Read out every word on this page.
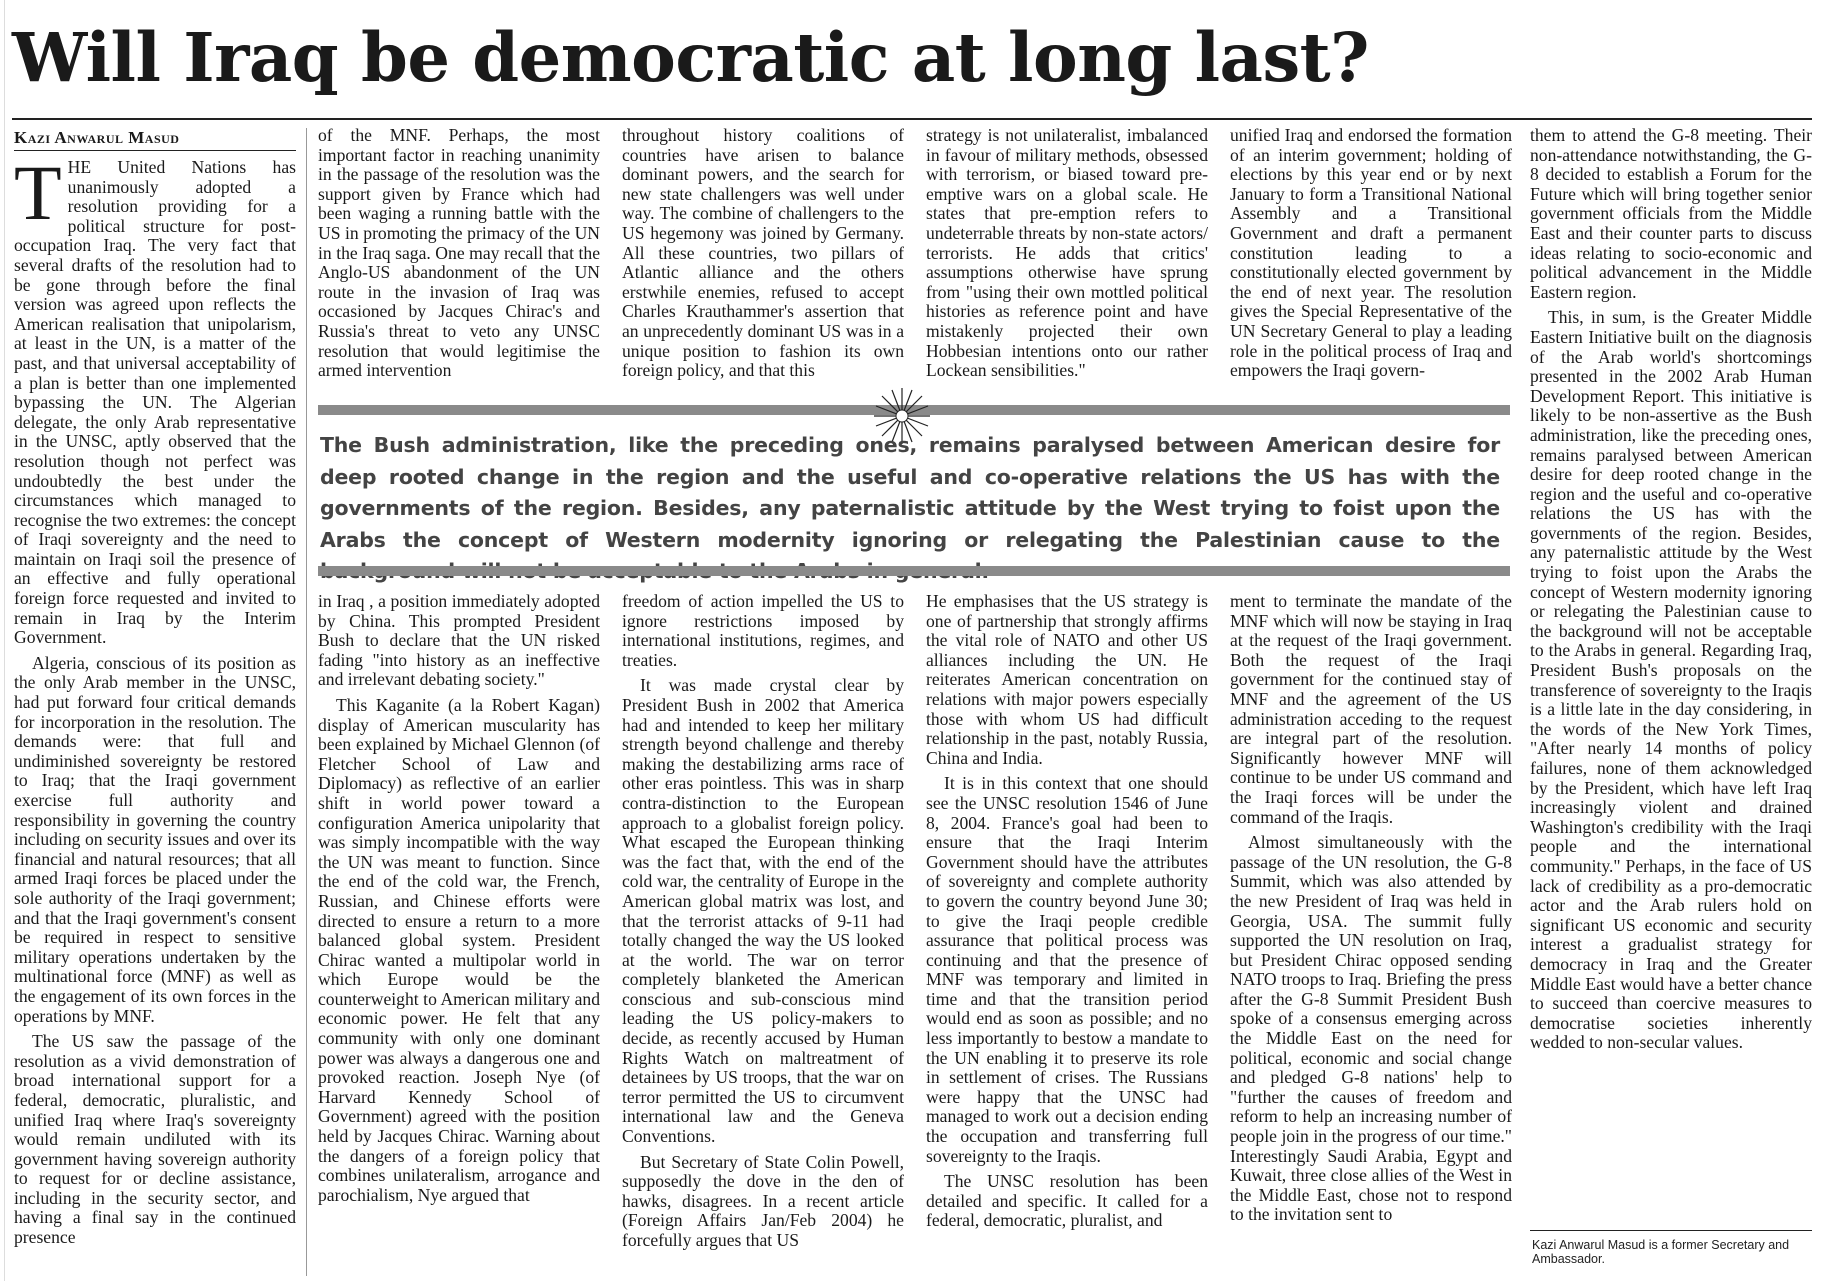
Will Iraq be democratic at long last?
Kazi Anwarul Masud

THE United Nations has unanimously adopted a resolution providing for a political structure for post-occupation Iraq. The very fact that several drafts of the resolution had to be gone through before the final version was agreed upon reflects the American realisation that unipolarism, at least in the UN, is a matter of the past, and that universal acceptability of a plan is better than one implemented bypassing the UN. The Algerian delegate, the only Arab representative in the UNSC, aptly observed that the resolution though not perfect was undoubtedly the best under the circumstances which managed to recognise the two extremes: the concept of Iraqi sovereignty and the need to maintain on Iraqi soil the presence of an effective and fully operational foreign force requested and invited to remain in Iraq by the Interim Government.

Algeria, conscious of its position as the only Arab member in the UNSC, had put forward four critical demands for incorporation in the resolution. The demands were: that full and undiminished sovereignty be restored to Iraq; that the Iraqi government exercise full authority and responsibility in governing the country including on security issues and over its financial and natural resources; that all armed Iraqi forces be placed under the sole authority of the Iraqi government; and that the Iraqi government's consent be required in respect to sensitive military operations undertaken by the multinational force (MNF) as well as the engagement of its own forces in the operations by MNF.

The US saw the passage of the resolution as a vivid demonstration of broad international support for a federal, democratic, pluralistic, and unified Iraq where Iraq's sovereignty would remain undiluted with its government having sovereign authority to request for or decline assistance, including in the security sector, and having a final say in the continued presence

of the MNF. Perhaps, the most important factor in reaching unanimity in the passage of the resolution was the support given by France which had been waging a running battle with the US in promoting the primacy of the UN in the Iraq saga. One may recall that the Anglo-US abandonment of the UN route in the invasion of Iraq was occasioned by Jacques Chirac's and Russia's threat to veto any UNSC resolution that would legitimise the armed intervention

throughout history coalitions of countries have arisen to balance dominant powers, and the search for new state challengers was well under way. The combine of challengers to the US hegemony was joined by Germany. All these countries, two pillars of Atlantic alliance and the others erstwhile enemies, refused to accept Charles Krauthammer's assertion that an unprecedently dominant US was in a unique position to fashion its own foreign policy, and that this

strategy is not unilateralist, imbalanced in favour of military methods, obsessed with terrorism, or biased toward pre-emptive wars on a global scale. He states that pre-emption refers to undeterrable threats by non-state actors/ terrorists. He adds that critics' assumptions otherwise have sprung from "using their own mottled political histories as reference point and have mistakenly projected their own Hobbesian intentions onto our rather Lockean sensibilities."

unified Iraq and endorsed the formation of an interim government; holding of elections by this year end or by next January to form a Transitional National Assembly and a Transitional Government and draft a permanent constitution leading to a constitutionally elected government by the end of next year. The resolution gives the Special Representative of the UN Secretary General to play a leading role in the political process of Iraq and empowers the Iraqi govern-

The Bush administration, like the preceding ones, remains paralysed between American desire for deep rooted change in the region and the useful and co-operative relations the US has with the governments of the region. Besides, any paternalistic attitude by the West trying to foist upon the Arabs the concept of Western modernity ignoring or relegating the Palestinian cause to the

in Iraq , a position immediately adopted by China. This prompted President Bush to declare that the UN risked fading "into history as an ineffective and irrelevant debating society."

This Kaganite (a la Robert Kagan) display of American muscularity has been explained by Michael Glennon (of Fletcher School of Law and Diplomacy) as reflective of an earlier shift in world power toward a configuration America unipolarity that was simply incompatible with the way the UN was meant to function. Since the end of the cold war, the French, Russian, and Chinese efforts were directed to ensure a return to a more balanced global system. President Chirac wanted a multipolar world in which Europe would be the counterweight to American military and economic power. He felt that any community with only one dominant power was always a dangerous one and provoked reaction. Joseph Nye (of Harvard Kennedy School of Government) agreed with the position held by Jacques Chirac. Warning about the dangers of a foreign policy that combines unilateralism, arrogance and parochialism, Nye argued that

freedom of action impelled the US to ignore restrictions imposed by international institutions, regimes, and treaties.

It was made crystal clear by President Bush in 2002 that America had and intended to keep her military strength beyond challenge and thereby making the destabilizing arms race of other eras pointless. This was in sharp contra-distinction to the European approach to a globalist foreign policy. What escaped the European thinking was the fact that, with the end of the cold war, the centrality of Europe in the American global matrix was lost, and that the terrorist attacks of 9-11 had totally changed the way the US looked at the world. The war on terror completely blanketed the American conscious and sub-conscious mind leading the US policy-makers to decide, as recently accused by Human Rights Watch on maltreatment of detainees by US troops, that the war on terror permitted the US to circumvent international law and the Geneva Conventions.

But Secretary of State Colin Powell, supposedly the dove in the den of hawks, disagrees. In a recent article (Foreign Affairs Jan/Feb 2004) he forcefully argues that US

He emphasises that the US strategy is one of partnership that strongly affirms the vital role of NATO and other US alliances including the UN. He reiterates American concentration on relations with major powers especially those with whom US had difficult relationship in the past, notably Russia, China and India.

It is in this context that one should see the UNSC resolution 1546 of June 8, 2004. France's goal had been to ensure that the Iraqi Interim Government should have the attributes of sovereignty and complete authority to govern the country beyond June 30; to give the Iraqi people credible assurance that political process was continuing and that the presence of MNF was temporary and limited in time and that the transition period would end as soon as possible; and no less importantly to bestow a mandate to the UN enabling it to preserve its role in settlement of crises. The Russians were happy that the UNSC had managed to work out a decision ending the occupation and transferring full sovereignty to the Iraqis.

The UNSC resolution has been detailed and specific. It called for a federal, democratic, pluralist, and

ment to terminate the mandate of the MNF which will now be staying in Iraq at the request of the Iraqi government. Both the request of the Iraqi government for the continued stay of MNF and the agreement of the US administration acceding to the request are integral part of the resolution. Significantly however MNF will continue to be under US command and the Iraqi forces will be under the command of the Iraqis.

Almost simultaneously with the passage of the UN resolution, the G-8 Summit, which was also attended by the new President of Iraq was held in Georgia, USA. The summit fully supported the UN resolution on Iraq, but President Chirac opposed sending NATO troops to Iraq. Briefing the press after the G-8 Summit President Bush spoke of a consensus emerging across the Middle East on the need for political, economic and social change and pledged G-8 nations' help to "further the causes of freedom and reform to help an increasing number of people join in the progress of our time." Interestingly Saudi Arabia, Egypt and Kuwait, three close allies of the West in the Middle East, chose not to respond to the invitation sent to

them to attend the G-8 meeting. Their non-attendance notwithstanding, the G-8 decided to establish a Forum for the Future which will bring together senior government officials from the Middle East and their counter parts to discuss ideas relating to socio-economic and political advancement in the Middle Eastern region.

This, in sum, is the Greater Middle Eastern Initiative built on the diagnosis of the Arab world's shortcomings presented in the 2002 Arab Human Development Report. This initiative is likely to be non-assertive as the Bush administration, like the preceding ones, remains paralysed between American desire for deep rooted change in the region and the useful and co-operative relations the US has with the governments of the region. Besides, any paternalistic attitude by the West trying to foist upon the Arabs the concept of Western modernity ignoring or relegating the Palestinian cause to the background will not be acceptable to the Arabs in general. Regarding Iraq, President Bush's proposals on the transference of sovereignty to the Iraqis is a little late in the day considering, in the words of the New York Times, "After nearly 14 months of policy failures, none of them acknowledged by the President, which have left Iraq increasingly violent and drained Washington's credibility with the Iraqi people and the international community." Perhaps, in the face of US lack of credibility as a pro-democratic actor and the Arab rulers hold on significant US economic and security interest a gradualist strategy for democracy in Iraq and the Greater Middle East would have a better chance to succeed than coercive measures to democratise societies inherently wedded to non-secular values.

Kazi Anwarul Masud is a former Secretary and Ambassador.
